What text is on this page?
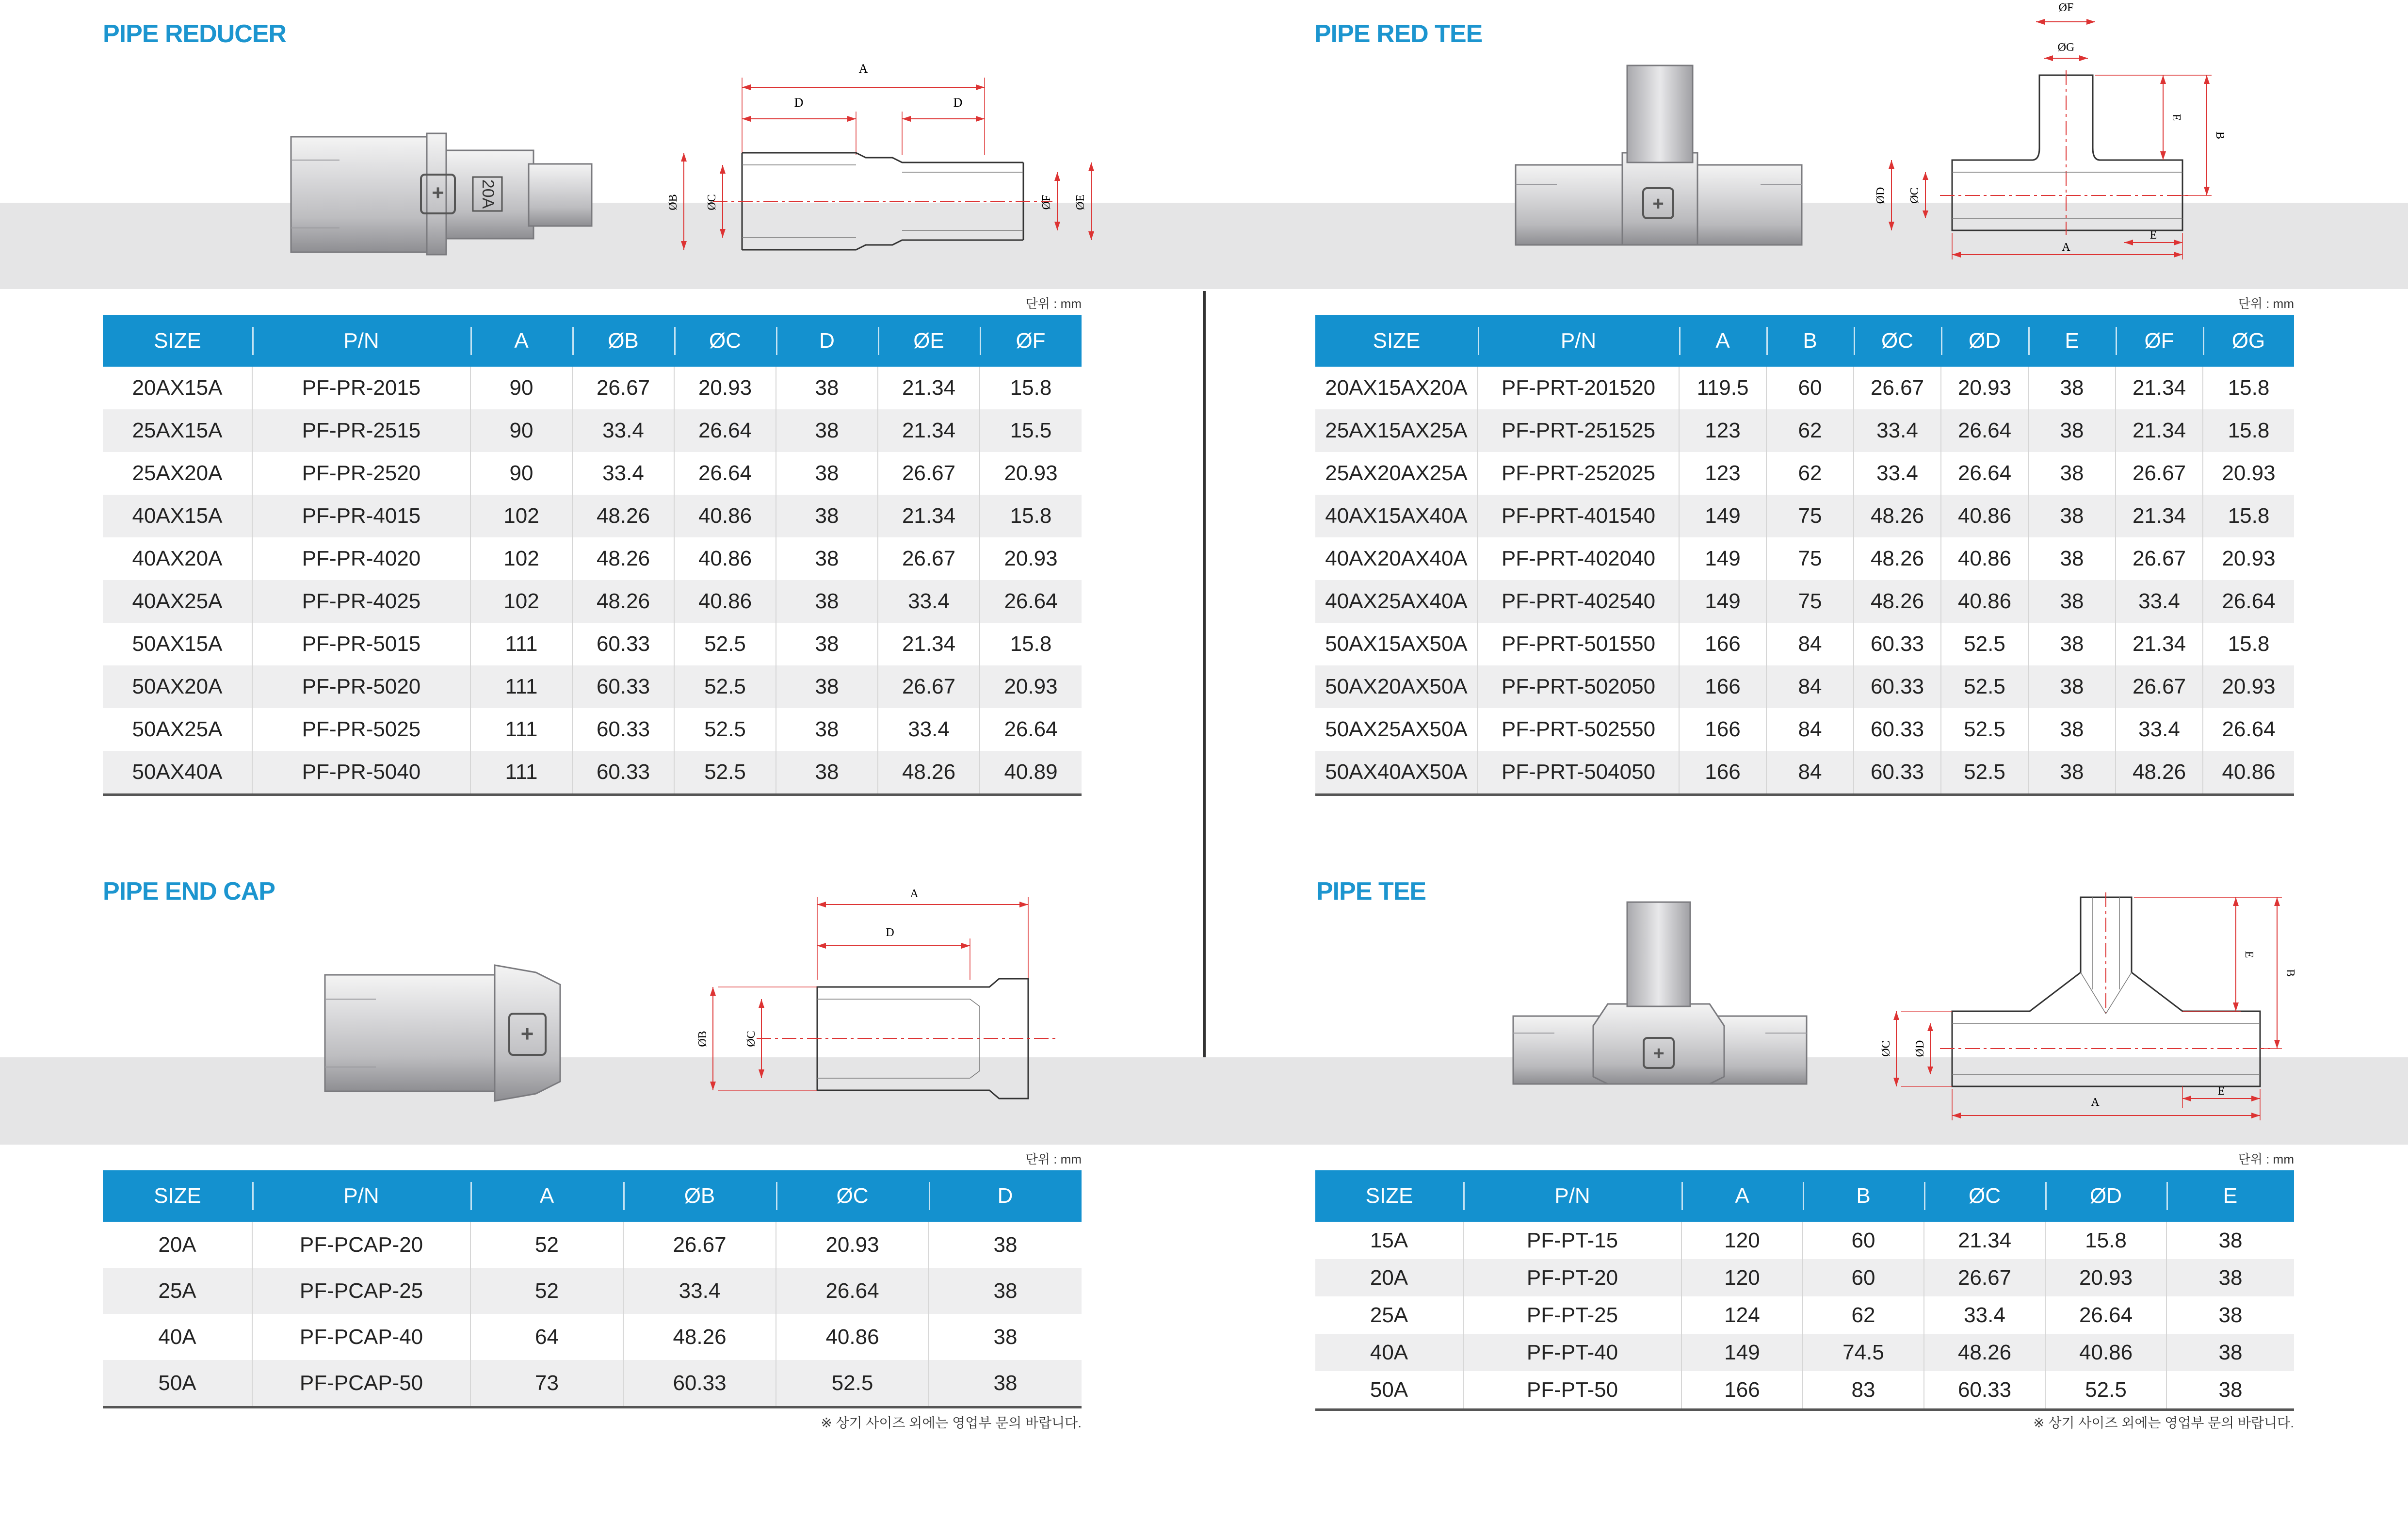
PIPE REDUCER
+ 20A
A
D	D
ØB ØC	ØF ØE
단위 : mm
SIZE	P/N	A	ØB	ØC	D	ØE	ØF
20AX15A	PF-PR-2015	90	26.67	20.93	38	21.34	15.8
25AX15A	PF-PR-2515	90	33.4	26.64	38	21.34	15.5
25AX20A	PF-PR-2520	90	33.4	26.64	38	26.67	20.93
40AX15A	PF-PR-4015	102	48.26	40.86	38	21.34	15.8
40AX20A	PF-PR-4020	102	48.26	40.86	38	26.67	20.93
40AX25A	PF-PR-4025	102	48.26	40.86	38	33.4	26.64
50AX15A	PF-PR-5015	111	60.33	52.5	38	21.34	15.8
50AX20A	PF-PR-5020	111	60.33	52.5	38	26.67	20.93
50AX25A	PF-PR-5025	111	60.33	52.5	38	33.4	26.64
50AX40A	PF-PR-5040	111	60.33	52.5	38	48.26	40.89
PIPE RED TEE
+
ØF
ØG
E
B
ØD ØC
A
E
단위 : mm
SIZE	P/N	A	B	ØC	ØD	E	ØF	ØG
20AX15AX20A	PF-PRT-201520	119.5	60	26.67	20.93	38	21.34	15.8
25AX15AX25A	PF-PRT-251525	123	62	33.4	26.64	38	21.34	15.8
25AX20AX25A	PF-PRT-252025	123	62	33.4	26.64	38	26.67	20.93
40AX15AX40A	PF-PRT-401540	149	75	48.26	40.86	38	21.34	15.8
40AX20AX40A	PF-PRT-402040	149	75	48.26	40.86	38	26.67	20.93
40AX25AX40A	PF-PRT-402540	149	75	48.26	40.86	38	33.4	26.64
50AX15AX50A	PF-PRT-501550	166	84	60.33	52.5	38	21.34	15.8
50AX20AX50A	PF-PRT-502050	166	84	60.33	52.5	38	26.67	20.93
50AX25AX50A	PF-PRT-502550	166	84	60.33	52.5	38	33.4	26.64
50AX40AX50A	PF-PRT-504050	166	84	60.33	52.5	38	48.26	40.86
PIPE END CAP
+
A
D
ØB	ØC
단위 : mm
SIZE	P/N	A	ØB	ØC	D
20A	PF-PCAP-20	52	26.67	20.93	38
25A	PF-PCAP-25	52	33.4	26.64	38
40A	PF-PCAP-40	64	48.26	40.86	38
50A	PF-PCAP-50	73	60.33	52.5	38
※ 상기 사이즈 외에는 영업부 문의 바랍니다.
PIPE TEE
+
E
B
ØC ØD
A
E
단위 : mm
SIZE	P/N	A	B	ØC	ØD	E
15A	PF-PT-15	120	60	21.34	15.8	38
20A	PF-PT-20	120	60	26.67	20.93	38
25A	PF-PT-25	124	62	33.4	26.64	38
40A	PF-PT-40	149	74.5	48.26	40.86	38
50A	PF-PT-50	166	83	60.33	52.5	38
※ 상기 사이즈 외에는 영업부 문의 바랍니다.
